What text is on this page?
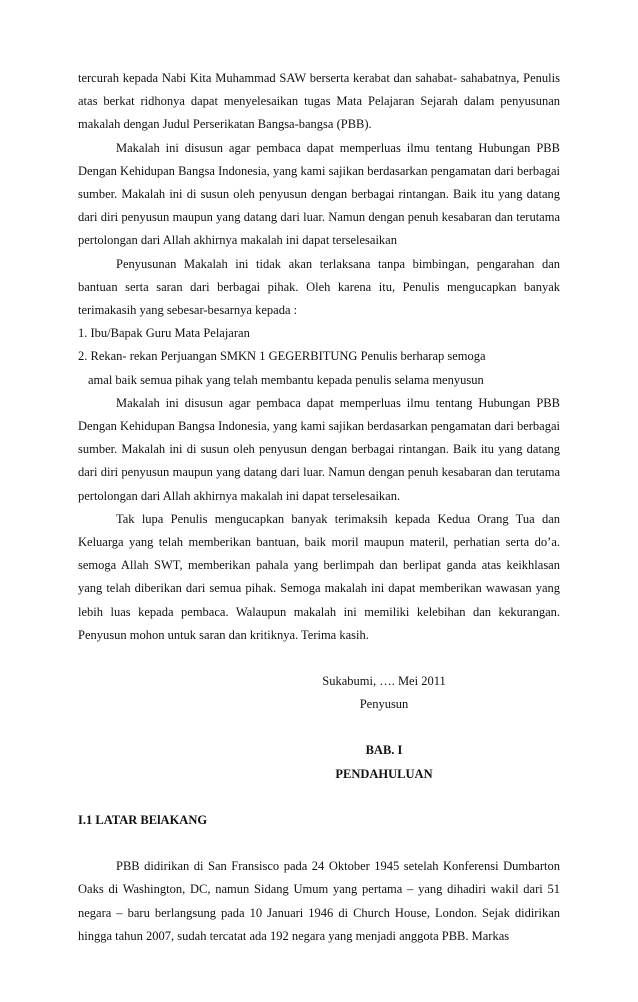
tercurah kepada Nabi Kita Muhammad SAW berserta kerabat dan sahabat- sahabatnya, Penulis atas berkat ridhonya dapat menyelesaikan tugas Mata Pelajaran Sejarah dalam penyusunan makalah dengan Judul Perserikatan Bangsa-bangsa (PBB).

Makalah ini disusun agar pembaca dapat memperluas ilmu tentang Hubungan PBB Dengan Kehidupan Bangsa Indonesia, yang kami sajikan berdasarkan pengamatan dari berbagai sumber. Makalah ini di susun oleh penyusun dengan berbagai rintangan. Baik itu yang datang dari diri penyusun maupun yang datang dari luar. Namun dengan penuh kesabaran dan terutama pertolongan dari Allah akhirnya makalah ini dapat terselesaikan

Penyusunan Makalah ini tidak akan terlaksana tanpa bimbingan, pengarahan dan bantuan serta saran dari berbagai pihak. Oleh karena itu, Penulis mengucapkan banyak terimakasih yang sebesar-besarnya kepada :

1. Ibu/Bapak Guru Mata Pelajaran

2. Rekan- rekan Perjuangan SMKN 1 GEGERBITUNG Penulis berharap semoga

amal baik semua pihak yang telah membantu kepada penulis selama menyusun

Makalah ini disusun agar pembaca dapat memperluas ilmu tentang Hubungan PBB Dengan Kehidupan Bangsa Indonesia, yang kami sajikan berdasarkan pengamatan dari berbagai sumber. Makalah ini di susun oleh penyusun dengan berbagai rintangan. Baik itu yang datang dari diri penyusun maupun yang datang dari luar. Namun dengan penuh kesabaran dan terutama pertolongan dari Allah akhirnya makalah ini dapat terselesaikan.

Tak lupa Penulis mengucapkan banyak terimaksih kepada Kedua Orang Tua dan Keluarga yang telah memberikan bantuan, baik moril maupun materil, perhatian serta do’a. semoga Allah SWT, memberikan pahala yang berlimpah dan berlipat ganda atas keikhlasan yang telah diberikan dari semua pihak. Semoga makalah ini dapat memberikan wawasan yang lebih luas kepada pembaca. Walaupun makalah ini memiliki kelebihan dan kekurangan. Penyusun mohon untuk saran dan kritiknya. Terima kasih.

Sukabumi, …. Mei 2011

Penyusun

BAB. I

PENDAHULUAN

I.1 LATAR BElAKANG

PBB didirikan di San Fransisco pada 24 Oktober 1945 setelah Konferensi Dumbarton Oaks di Washington, DC, namun Sidang Umum yang pertama – yang dihadiri wakil dari 51 negara – baru berlangsung pada 10 Januari 1946 di Church House, London. Sejak didirikan hingga tahun 2007, sudah tercatat ada 192 negara yang menjadi anggota PBB. Markas
